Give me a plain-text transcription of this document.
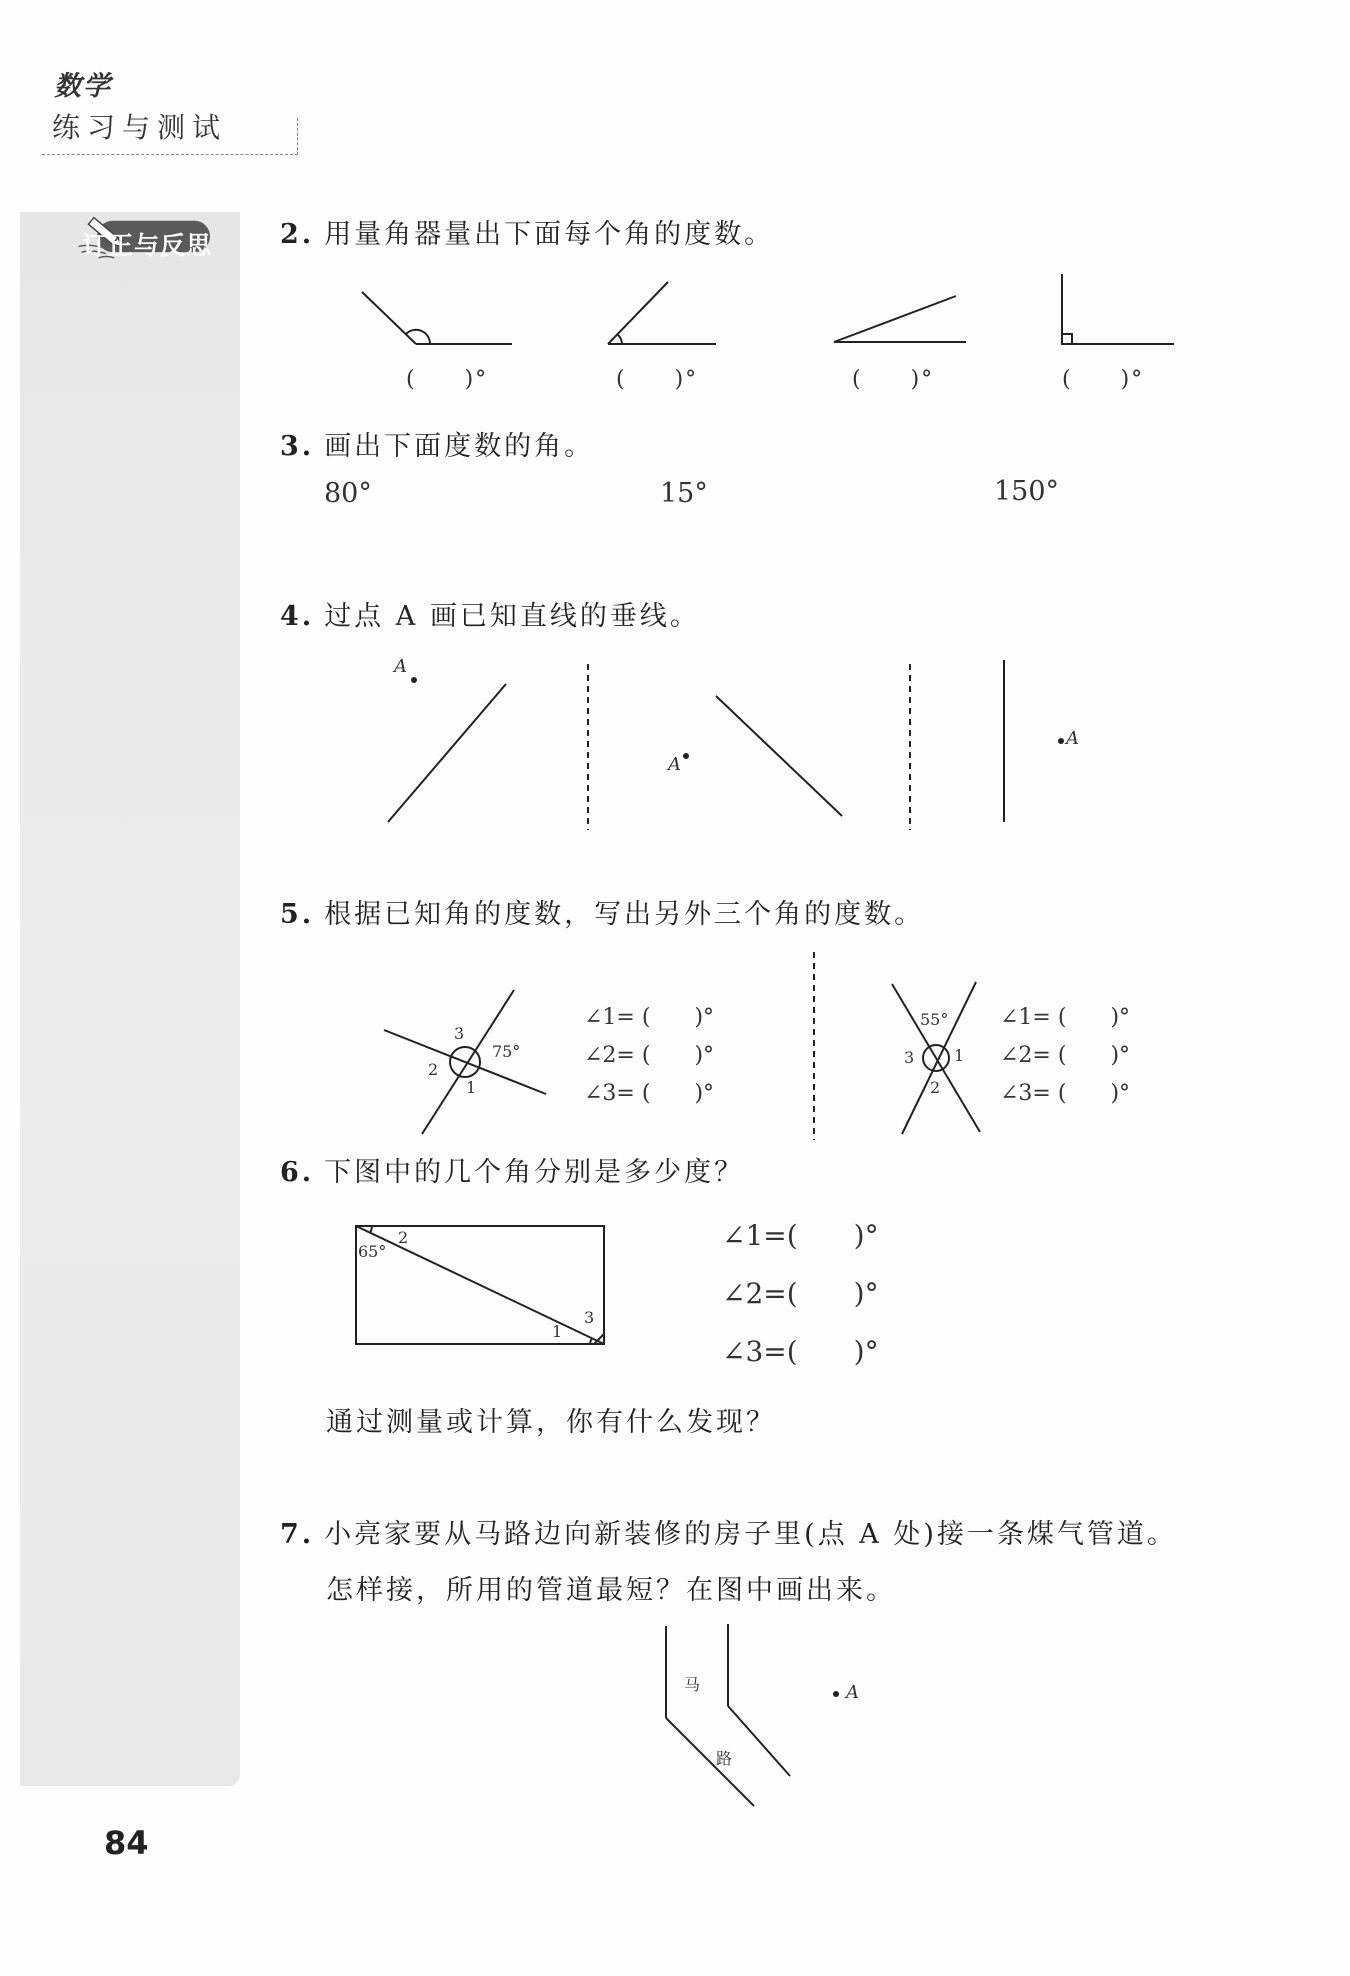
数学
练习与测试
订正与反思	2. 用量角器量出下面每个角的度数。
(　　)°	(　　)°	(　　)°	(　　)°
3. 画出下面度数的角。
80°	15°	150°
4. 过点 A 画已知直线的垂线。
A
A
A
5. 根据已知角的度数，写出另外三个角的度数。
3
2
1
75°
∠1= (　　)°
∠2= (　　)°
∠3= (　　)°
55°
3 1
2
∠1= (　　)°
∠2= (　　)°
∠3= (　　)°
6. 下图中的几个角分别是多少度？
65°
2
1
3
∠1=(　　)°
∠2=(　　)°
∠3=(　　)°
通过测量或计算，你有什么发现？
7. 小亮家要从马路边向新装修的房子里(点 A 处)接一条煤气管道。
怎样接，所用的管道最短？在图中画出来。
马
路
A
84
